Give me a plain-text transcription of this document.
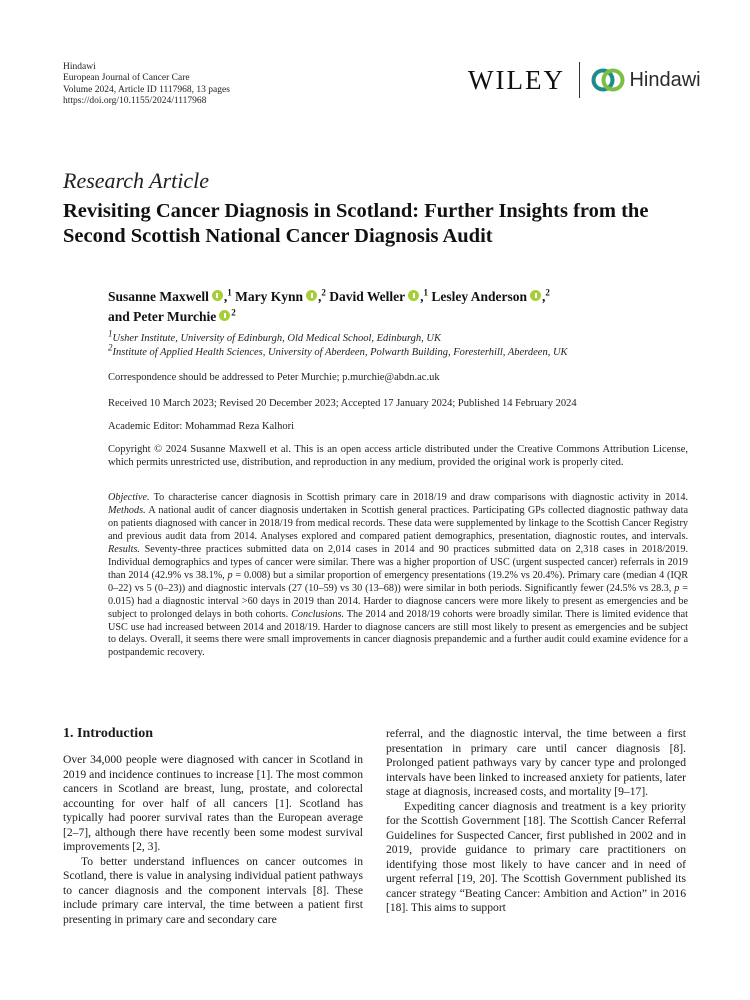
Hindawi
European Journal of Cancer Care
Volume 2024, Article ID 1117968, 13 pages
https://doi.org/10.1155/2024/1117968
WILEY	Hindawi
Research Article
Revisiting Cancer Diagnosis in Scotland: Further Insights from the
Second Scottish National Cancer Diagnosis Audit
Susanne Maxwell ,$^1$ Mary Kynn ,$^2$ David Weller ,$^1$ Lesley Anderson ,$^2$
and Peter Murchie $^2$
$^1$Usher Institute, University of Edinburgh, Old Medical School, Edinburgh, UK
$^2$Institute of Applied Health Sciences, University of Aberdeen, Polwarth Building, Foresterhill, Aberdeen, UK
Correspondence should be addressed to Peter Murchie; p.murchie@abdn.ac.uk
Received 10 March 2023; Revised 20 December 2023; Accepted 17 January 2024; Published 14 February 2024
Academic Editor: Mohammad Reza Kalhori
Copyright © 2024 Susanne Maxwell et al. This is an open access article distributed under the Creative Commons Attribution License, which permits unrestricted use, distribution, and reproduction in any medium, provided the original work is properly cited.
Objective. To characterise cancer diagnosis in Scottish primary care in 2018/19 and draw comparisons with diagnostic activity in 2014. Methods. A national audit of cancer diagnosis undertaken in Scottish general practices. Participating GPs collected diagnostic pathway data on patients diagnosed with cancer in 2018/19 from medical records. These data were supplemented by linkage to the Scottish Cancer Registry and previous audit data from 2014. Analyses explored and compared patient demographics, presentation, diagnostic routes, and intervals. Results. Seventy-three practices submitted data on 2,014 cases in 2014 and 90 practices submitted data on 2,318 cases in 2018/2019. Individual demographics and types of cancer were similar. There was a higher proportion of USC (urgent suspected cancer) referrals in 2019 than 2014 (42.9% vs 38.1%, p = 0.008) but a similar proportion of emergency presentations (19.2% vs 20.4%). Primary care (median 4 (IQR 0–22) vs 5 (0–23)) and diagnostic intervals (27 (10–59) vs 30 (13–68)) were similar in both periods. Significantly fewer (24.5% vs 28.3, p = 0.015) had a diagnostic interval >60 days in 2019 than 2014. Harder to diagnose cancers were more likely to present as emergencies and be subject to prolonged delays in both cohorts. Conclusions. The 2014 and 2018/19 cohorts were broadly similar. There is limited evidence that USC use had increased between 2014 and 2018/19. Harder to diagnose cancers are still most likely to present as emergencies and be subject to delays. Overall, it seems there were small improvements in cancer diagnosis prepandemic and a further audit could examine evidence for a postpandemic recovery.

1. Introduction

Over 34,000 people were diagnosed with cancer in Scotland in 2019 and incidence continues to increase [1]. The most common cancers in Scotland are breast, lung, prostate, and colorectal accounting for over half of all cancers [1]. Scotland has typically had poorer survival rates than the European average [2–7], although there have recently been some modest survival improvements [2, 3].

To better understand influences on cancer outcomes in Scotland, there is value in analysing individual patient pathways to cancer diagnosis and the component intervals [8]. These include primary care interval, the time between a patient first presenting in primary care and secondary care

referral, and the diagnostic interval, the time between a first presentation in primary care until cancer diagnosis [8]. Prolonged patient pathways vary by cancer type and prolonged intervals have been linked to increased anxiety for patients, later stage at diagnosis, increased costs, and mortality [9–17].

Expediting cancer diagnosis and treatment is a key priority for the Scottish Government [18]. The Scottish Cancer Referral Guidelines for Suspected Cancer, first published in 2002 and in 2019, provide guidance to primary care practitioners on identifying those most likely to have cancer and in need of urgent referral [19, 20]. The Scottish Government published its cancer strategy “Beating Cancer: Ambition and Action” in 2016 [18]. This aims to support
